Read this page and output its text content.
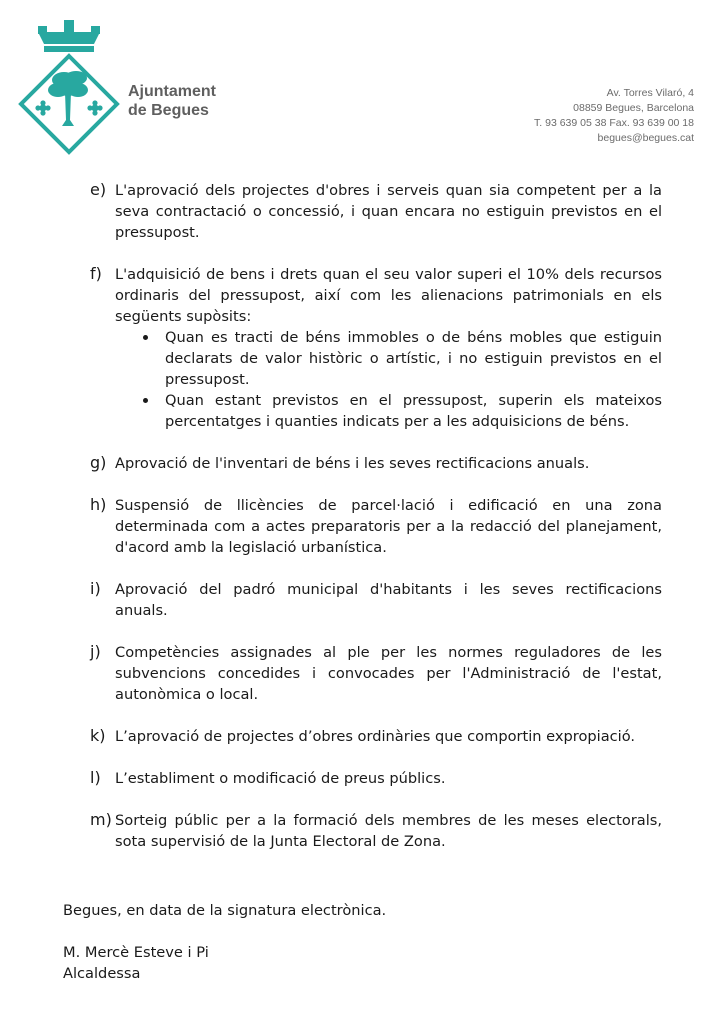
Ajuntament
de Begues
Av. Torres Vilaró, 4
08859 Begues, Barcelona
T. 93 639 05 38 Fax. 93 639 00 18
begues@begues.cat
e) L'aprovació dels projectes d'obres i serveis quan sia competent per a la seva contractació o concessió, i quan encara no estiguin previstos en el pressupost.

f) L'adquisició de bens i drets quan el seu valor superi el 10% dels recursos ordinaris del pressupost, així com les alienacions patrimonials en els següents supòsits:

Quan es tracti de béns immobles o de béns mobles que estiguin declarats de valor històric o artístic, i no estiguin previstos en el pressupost.

Quan estant previstos en el pressupost, superin els mateixos percentatges i quanties indicats per a les adquisicions de béns.

g) Aprovació de l'inventari de béns i les seves rectificacions anuals.

h) Suspensió de llicències de parcel·lació i edificació en una zona determinada com a actes preparatoris per a la redacció del planejament, d'acord amb la legislació urbanística.

i) Aprovació del padró municipal d'habitants i les seves rectificacions anuals.

j) Competències assignades al ple per les normes reguladores de les subvencions concedides i convocades per l'Administració de l'estat, autonòmica o local.

k) L’aprovació de projectes d’obres ordinàries que comportin expropiació.

l) L’establiment o modificació de preus públics.

m) Sorteig públic per a la formació dels membres de les meses electorals, sota supervisió de la Junta Electoral de Zona.

Begues, en data de la signatura electrònica.
M. Mercè Esteve i Pi
Alcaldessa
